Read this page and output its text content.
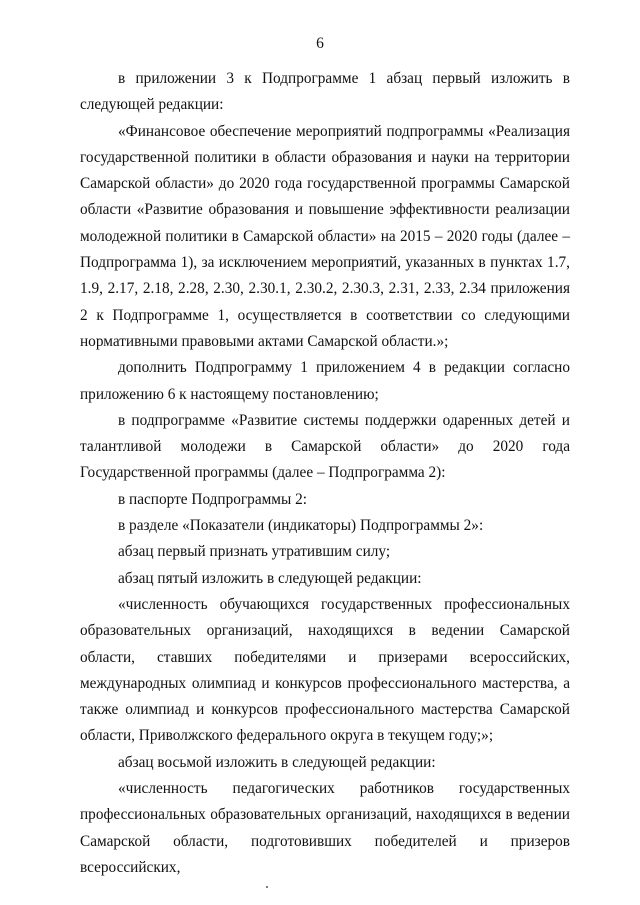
6

в приложении 3 к Подпрограмме 1 абзац первый изложить в следующей редакции:

«Финансовое обеспечение мероприятий подпрограммы «Реализация государственной политики в области образования и науки на территории Самарской области» до 2020 года государственной программы Самарской области «Развитие образования и повышение эффективности реализации молодежной политики в Самарской области» на 2015 – 2020 годы (далее – Подпрограмма 1), за исключением мероприятий, указанных в пунктах 1.7, 1.9, 2.17, 2.18, 2.28, 2.30, 2.30.1, 2.30.2, 2.30.3, 2.31, 2.33, 2.34 приложения 2 к Подпрограмме 1, осуществляется в соответствии со следующими нормативными правовыми актами Самарской области.»;

дополнить Подпрограмму 1 приложением 4 в редакции согласно приложению 6 к настоящему постановлению;

в подпрограмме «Развитие системы поддержки одаренных детей и талантливой молодежи в Самарской области» до 2020 года Государственной программы (далее – Подпрограмма 2):

в паспорте Подпрограммы 2:

в разделе «Показатели (индикаторы) Подпрограммы 2»:

абзац первый признать утратившим силу;

абзац пятый изложить в следующей редакции:

«численность обучающихся государственных профессиональных образовательных организаций, находящихся в ведении Самарской области, ставших победителями и призерами всероссийских, международных олимпиад и конкурсов профессионального мастерства, а также олимпиад и конкурсов профессионального мастерства Самарской области, Приволжского федерального округа в текущем году;»;

абзац восьмой изложить в следующей редакции:

«численность педагогических работников государственных профессиональных образовательных организаций, находящихся в ведении Самарской области, подготовивших победителей и призеров всероссийских,
